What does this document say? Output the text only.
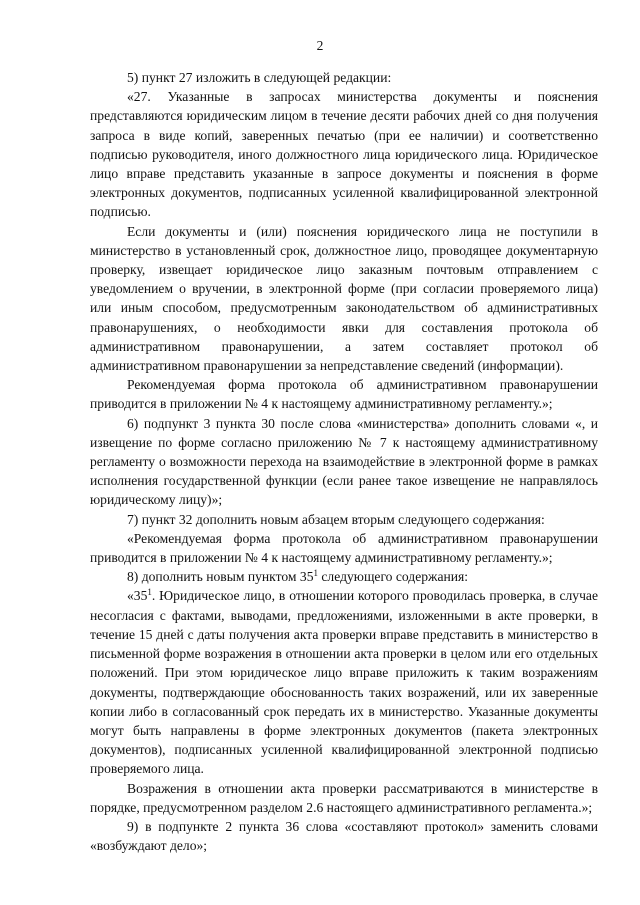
2

5) пункт 27 изложить в следующей редакции:

«27. Указанные в запросах министерства документы и пояснения представляются юридическим лицом в течение десяти рабочих дней со дня получения запроса в виде копий, заверенных печатью (при ее наличии) и соответственно подписью руководителя, иного должностного лица юридического лица. Юридическое лицо вправе представить указанные в запросе документы и пояснения в форме электронных документов, подписанных усиленной квалифицированной электронной подписью.

Если документы и (или) пояснения юридического лица не поступили в министерство в установленный срок, должностное лицо, проводящее документарную проверку, извещает юридическое лицо заказным почтовым отправлением с уведомлением о вручении, в электронной форме (при согласии проверяемого лица) или иным способом, предусмотренным законодательством об административных правонарушениях, о необходимости явки для составления протокола об административном правонарушении, а затем составляет протокол об административном правонарушении за непредставление сведений (информации).

Рекомендуемая форма протокола об административном правонарушении приводится в приложении № 4 к настоящему административному регламенту.»;

6) подпункт 3 пункта 30 после слова «министерства» дополнить словами «, и извещение по форме согласно приложению № 7 к настоящему административному регламенту о возможности перехода на взаимодействие в электронной форме в рамках исполнения государственной функции (если ранее такое извещение не направлялось юридическому лицу)»;

7) пункт 32 дополнить новым абзацем вторым следующего содержания:

«Рекомендуемая форма протокола об административном правонарушении приводится в приложении № 4 к настоящему административному регламенту.»;

8) дополнить новым пунктом $35^1$ следующего содержания:

«$35^1$. Юридическое лицо, в отношении которого проводилась проверка, в случае несогласия с фактами, выводами, предложениями, изложенными в акте проверки, в течение 15 дней с даты получения акта проверки вправе представить в министерство в письменной форме возражения в отношении акта проверки в целом или его отдельных положений. При этом юридическое лицо вправе приложить к таким возражениям документы, подтверждающие обоснованность таких возражений, или их заверенные копии либо в согласованный срок передать их в министерство. Указанные документы могут быть направлены в форме электронных документов (пакета электронных документов), подписанных усиленной квалифицированной электронной подписью проверяемого лица.

Возражения в отношении акта проверки рассматриваются в министерстве в порядке, предусмотренном разделом 2.6 настоящего административного регламента.»;

9) в подпункте 2 пункта 36 слова «составляют протокол» заменить словами «возбуждают дело»;
